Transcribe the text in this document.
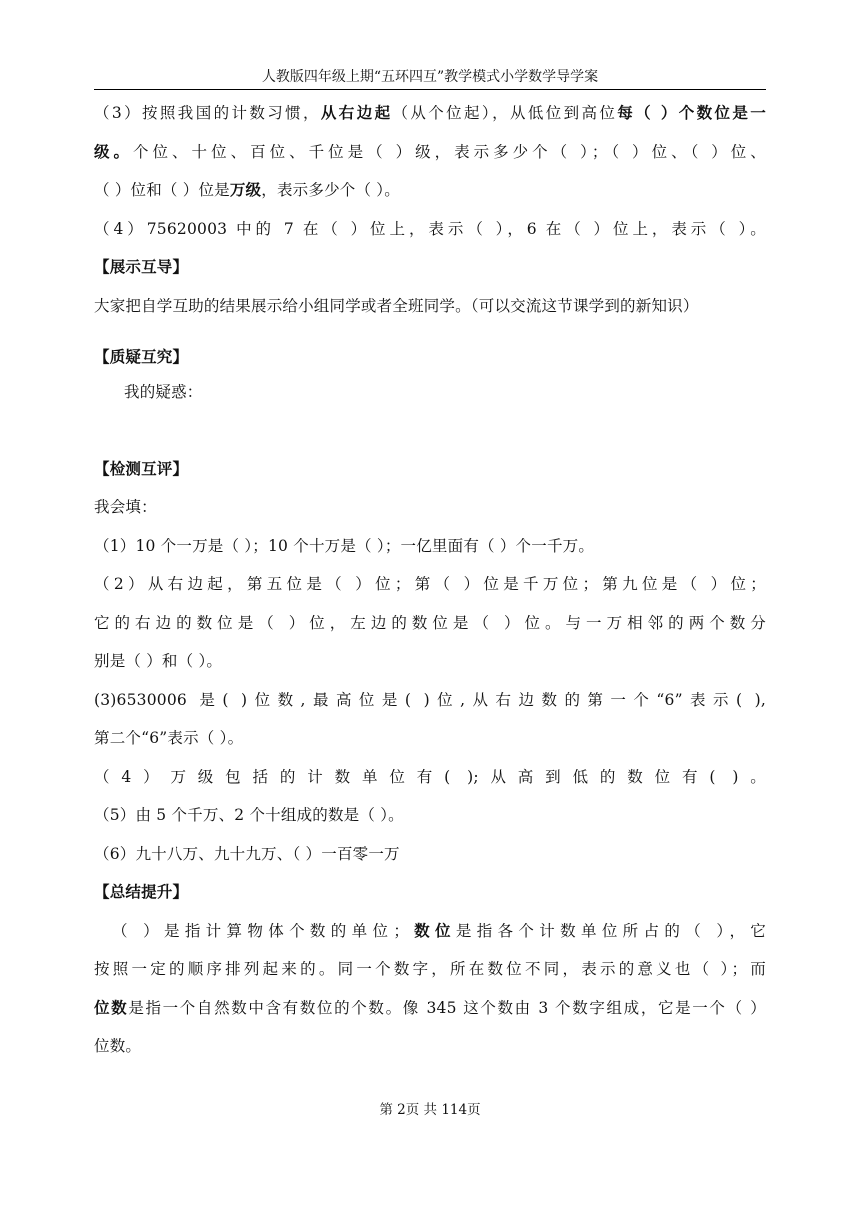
人教版四年级上期“五环四互”教学模式小学数学导学案
（3）按照我国的计数习惯，从右边起（从个位起），从低位到高位每（ ）个数位是一
级。个位、十位、百位、千位是（ ）级，表示多少个（ ）；（ ）位、（ ）位、
（ ）位和（ ）位是万级，表示多少个（ ）。
（4）75620003 中的 7 在（ ）位上，表示（ ），6 在（ ）位上，表示（ ）。
【展示互导】
大家把自学互助的结果展示给小组同学或者全班同学。（可以交流这节课学到的新知识）
【质疑互究】
我的疑惑：
【检测互评】
我会填：
（1）10 个一万是（ ）；10 个十万是（ ）；一亿里面有（ ）个一千万。
（2）从右边起，第五位是（ ）位；第（ ）位是千万位；第九位是（ ）位；
它的右边的数位是（ ）位，左边的数位是（ ）位。与一万相邻的两个数分
别是（ ）和（ ）。
(3)6530006 是( )位数,最高位是( )位,从右边数的第一个“6”表示( ),
第二个“6”表示（ ）。
（4）万级包括的计数单位有( );从高到低的数位有( )。
（5）由 5 个千万、2 个十组成的数是（ ）。
（6）九十八万、九十九万、（ ）一百零一万
【总结提升】
（ ）是指计算物体个数的单位；数位是指各个计数单位所占的（ ），它
按照一定的顺序排列起来的。同一个数字，所在数位不同，表示的意义也（ ）；而
位数是指一个自然数中含有数位的个数。像 345 这个数由 3 个数字组成，它是一个（ ）
位数。
第 2页 共 114页
